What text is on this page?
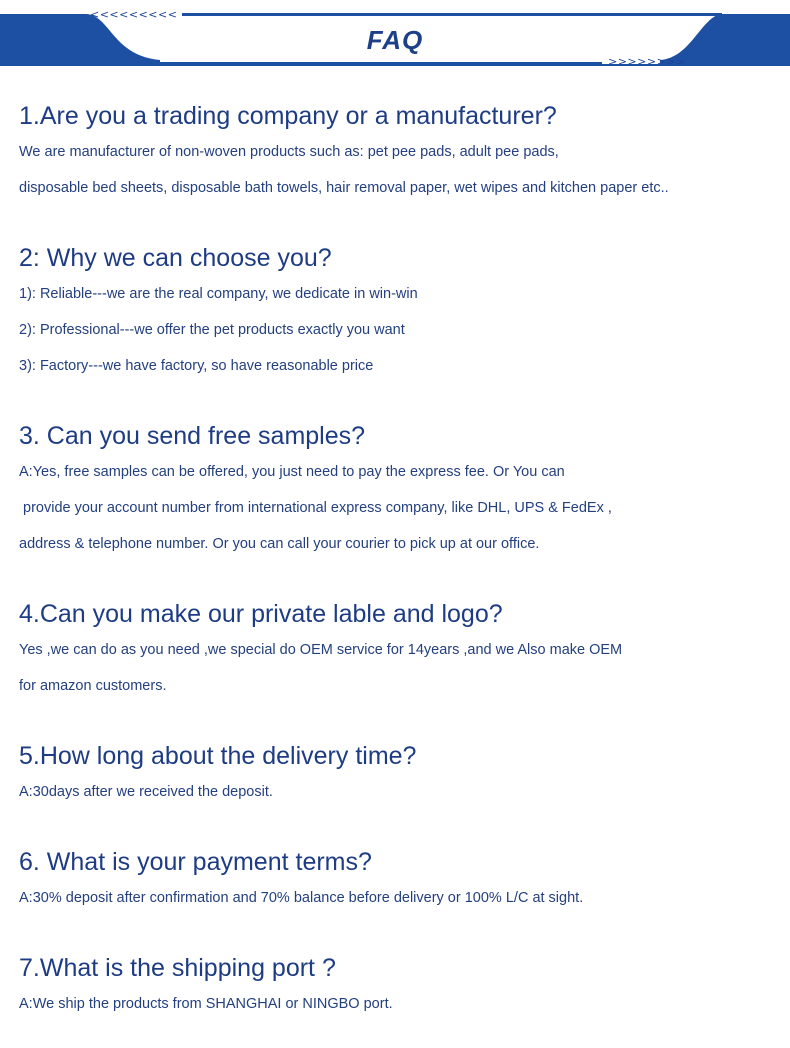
<<<<<<<<<
FAQ
>>>>>>>>

1.Are you a trading company or a manufacturer?

We are manufacturer of non-woven products such as: pet pee pads, adult pee pads,

disposable bed sheets, disposable bath towels, hair removal paper, wet wipes and kitchen paper etc..

2: Why we can choose you?

1): Reliable---we are the real company, we dedicate in win-win

2): Professional---we offer the pet products exactly you want

3): Factory---we have factory, so have reasonable price

3. Can you send free samples?

A:Yes, free samples can be offered, you just need to pay the express fee. Or You can

provide your account number from international express company, like DHL, UPS & FedEx ,

address & telephone number. Or you can call your courier to pick up at our office.

4.Can you make our private lable and logo?

Yes ,we can do as you need ,we special do OEM service for 14years ,and we Also make OEM

for amazon customers.

5.How long about the delivery time?

A:30days after we received the deposit.

6. What is your payment terms?

A:30% deposit after confirmation and 70% balance before delivery or 100% L/C at sight.

7.What is the shipping port ?

A:We ship the products from SHANGHAI or NINGBO port.
